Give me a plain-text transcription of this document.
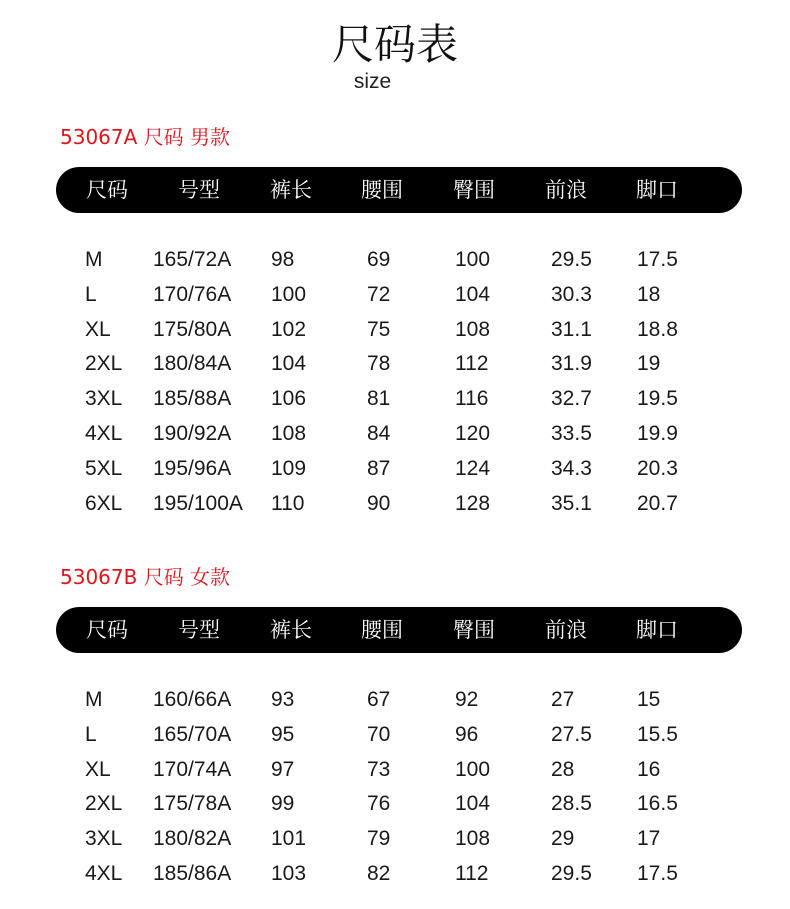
尺码表
size
53067A 尺码 男款
尺码 号型 裤长 腰围 臀围 前浪 脚口
M 165/72A 98	69	100	29.5 17.5
L	170/76A 100	72	104	30.3 18
XL 175/80A 102	75	108	31.1 18.8
2XL 180/84A 104	78	112	31.9 19
3XL 185/88A 106	81	116	32.7 19.5
4XL 190/92A 108	84	120	33.5 19.9
5XL 195/96A 109	87	124	34.3 20.3
6XL 195/100A 110	90	128	35.1 20.7
53067B 尺码 女款
尺码 号型 裤长 腰围 臀围 前浪 脚口
M 160/66A 93	67	92	27	15
L	165/70A 95	70	96	27.5 15.5
XL 170/74A 97	73	100	28	16
2XL 175/78A 99	76	104	28.5 16.5
3XL 180/82A 101	79	108	29	17
4XL 185/86A 103	82	112	29.5 17.5
